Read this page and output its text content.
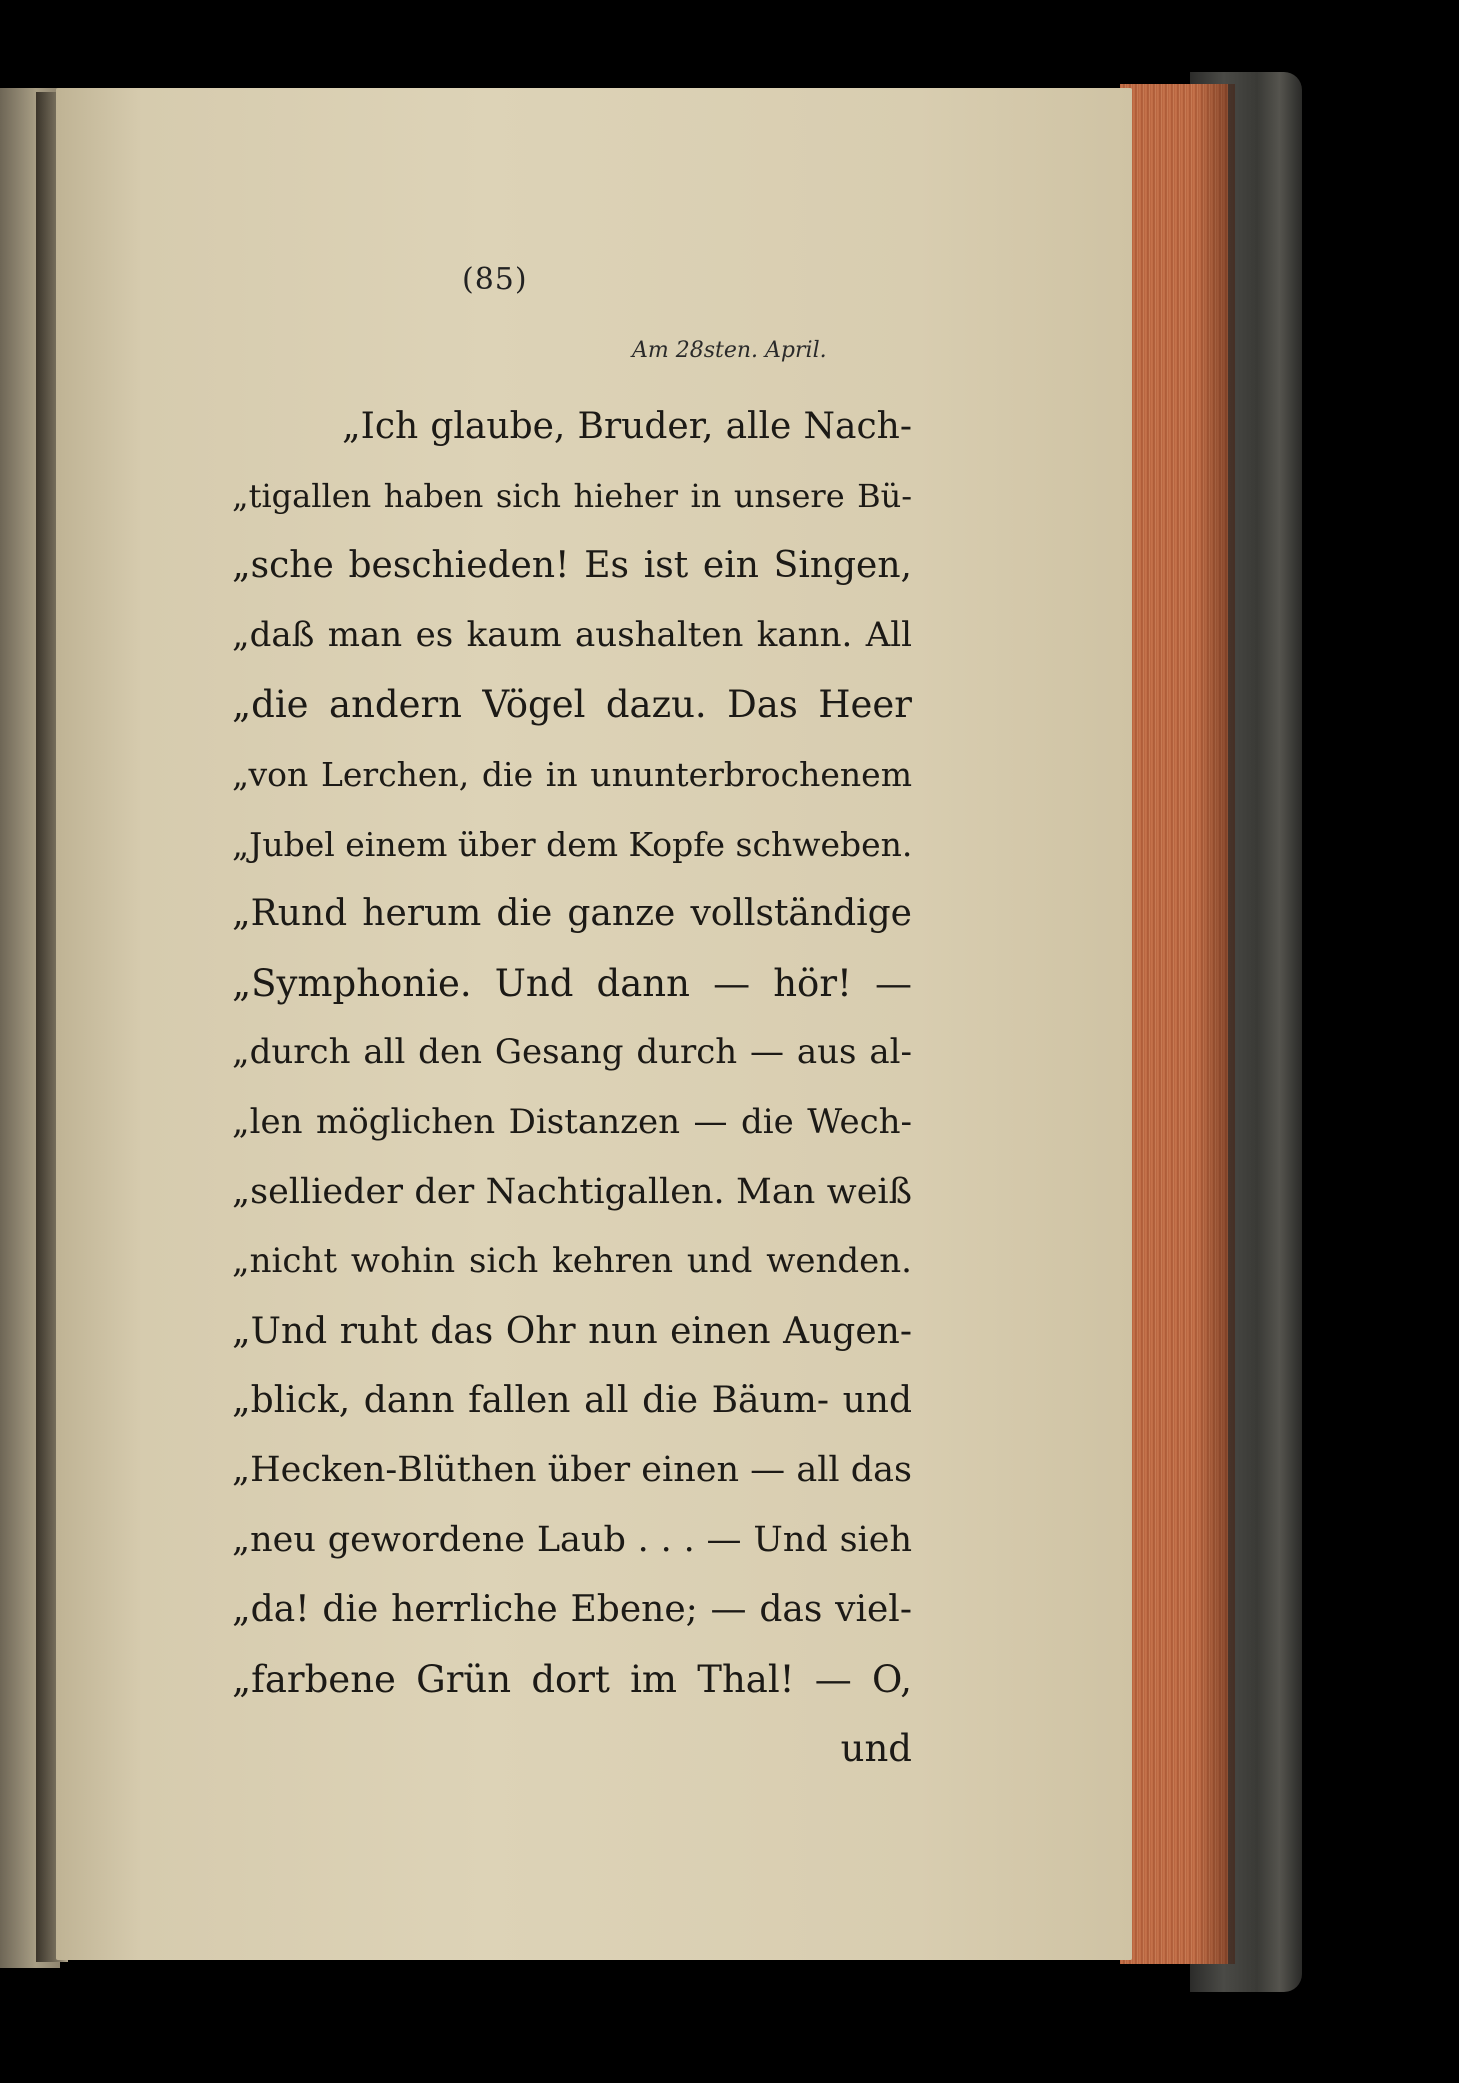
(85)
Am 28sten. April.
„Ich glaube, Bruder, alle Nach-
„tigallen haben sich hieher in unsere Bü-
„sche beschieden! Es ist ein Singen,
„daß man es kaum aushalten kann. All
„die andern Vögel dazu. Das Heer
„von Lerchen, die in ununterbrochenem
„Jubel einem über dem Kopfe schweben.
„Rund herum die ganze vollständige
„Symphonie. Und dann — hör! —
„durch all den Gesang durch — aus al-
„len möglichen Distanzen — die Wech-
„sellieder der Nachtigallen. Man weiß
„nicht wohin sich kehren und wenden.
„Und ruht das Ohr nun einen Augen-
„blick, dann fallen all die Bäum- und
„Hecken-Blüthen über einen — all das
„neu gewordene Laub . . . — Und sieh
„da! die herrliche Ebene; — das viel-
„farbene Grün dort im Thal! — O,
und
